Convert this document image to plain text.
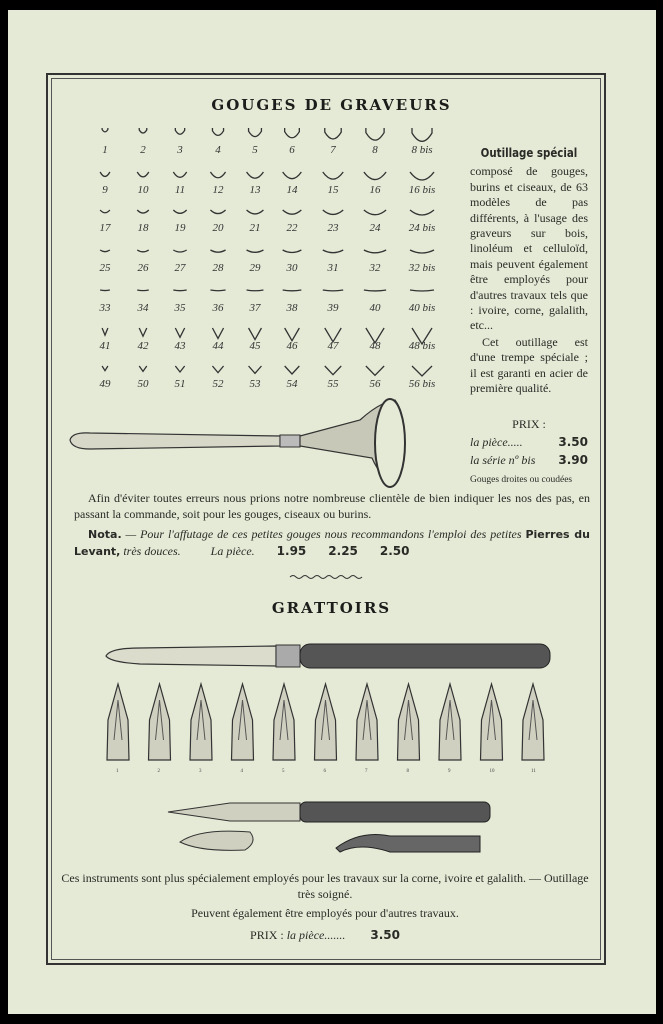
GOUGES DE GRAVEURS
1	2	3	4	5	6	7	8	9	10	11
1	2	3	4	5	6	7	8	8 bis
9	10 11 12 13 14	15	16	16 bis
17 18 19 20 21 22	23	24	24 bis
25 26 27 28 29 30	31	32	32 bis
33 34 35 36 37 38	39	40	40 bis
41 42 43 44 45 46	47	48	48 bis
49 50 51 52 53 54	55	56	56 bis
Outillage spécial

composé de gouges, burins et ciseaux, de 63 modèles de pas différents, à l'usage des graveurs sur bois, linoléum et celluloïd, mais peuvent également être employés pour d'autres travaux tels que : ivoire, corne, galalith, etc...

Cet outillage est d'une trempe spéciale ; il est garanti en acier de première qualité.

PRIX :

la pièce.....	3.50
la série nº bis 3.90

Gouges droites ou coudées

Afin d'éviter toutes erreurs nous prions notre nombreuse clientèle de bien indiquer les nos des pas, en passant la commande, soit pour les gouges, ciseaux ou burins.

Nota. — Pour l'affutage de ces petites gouges nous recommandons l'emploi des petites Pierres du Levant, très douces.	La pièce. 1.95 2.25 2.50

GRATTOIRS

Ces instruments sont plus spécialement employés pour les travaux sur la corne, ivoire et galalith. — Outillage très soigné.

Peuvent également être employés pour d'autres travaux.

PRIX : la pièce....... 3.50
